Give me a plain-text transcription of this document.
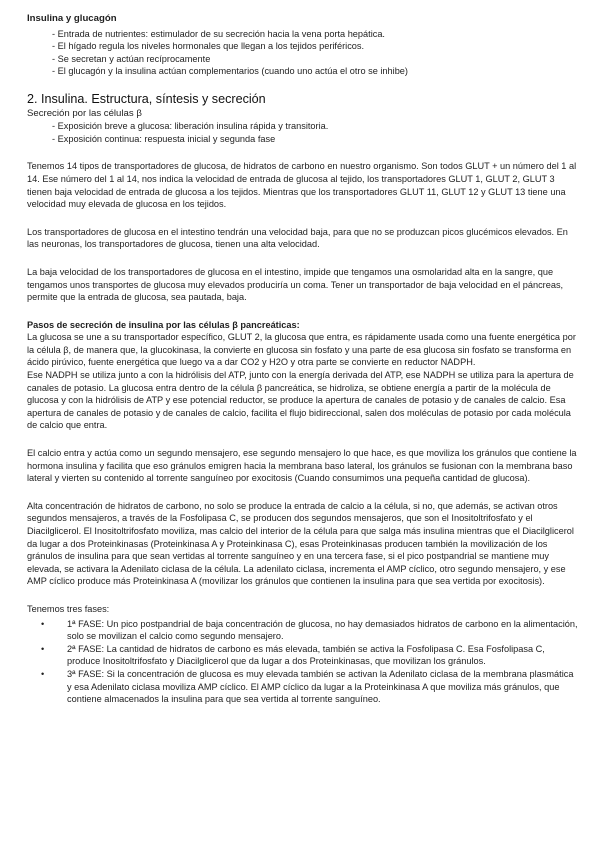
Insulina y glucagón
- Entrada de nutrientes: estimulador de su secreción hacia la vena porta hepática.
- El hígado regula los niveles hormonales que llegan a los tejidos periféricos.
- Se secretan y actúan recíprocamente
- El glucagón y la insulina actúan complementarios (cuando uno actúa el otro se inhibe)
2. Insulina. Estructura, síntesis y secreción
Secreción por las células β
- Exposición breve a glucosa: liberación insulina rápida y transitoria.
- Exposición continua: respuesta inicial y segunda fase
Tenemos 14 tipos de transportadores de glucosa, de hidratos de carbono en nuestro organismo. Son todos GLUT + un número del 1 al 14. Ese número del 1 al 14, nos indica la velocidad de entrada de glucosa al tejido, los transportadores GLUT 1, GLUT 2, GLUT 3 tienen baja velocidad de entrada de glucosa a los tejidos. Mientras que los transportadores GLUT 11, GLUT 12 y GLUT 13 tiene una velocidad muy elevada de glucosa en los tejidos.
Los transportadores de glucosa en el intestino tendrán una velocidad baja, para que no se produzcan picos glucémicos elevados. En las neuronas, los transportadores de glucosa, tienen una alta velocidad.
La baja velocidad de los transportadores de glucosa en el intestino, impide que tengamos una osmolaridad alta en la sangre, que tengamos unos transportes de glucosa muy elevados produciría un coma. Tener un transportador de baja velocidad en el páncreas, permite que la entrada de glucosa, sea pautada, baja.
Pasos de secreción de insulina por las células β pancreáticas:
La glucosa se une a su transportador específico, GLUT 2, la glucosa que entra, es rápidamente usada como una fuente energética por la célula β, de manera que, la glucokinasa, la convierte en glucosa sin fosfato y una parte de esa glucosa sin fosfato se transforma en ácido pirúvico, fuente energética que luego va a dar CO2 y H2O y otra parte se convierte en reductor NADPH.
Ese NADPH se utiliza junto a con la hidrólisis del ATP, junto con la energía derivada del ATP, ese NADPH se utiliza para la apertura de canales de potasio. La glucosa entra dentro de la célula β pancreática, se hidroliza, se obtiene energía a partir de la molécula de glucosa y con la hidrólisis de ATP y ese potencial reductor, se produce la apertura de canales de potasio y de canales de calcio. Esa apertura de canales de potasio y de canales de calcio, facilita el flujo bidireccional, salen dos moléculas de potasio por cada molécula de calcio que entra.
El calcio entra y actúa como un segundo mensajero, ese segundo mensajero lo que hace, es que moviliza los gránulos que contiene la hormona insulina y facilita que eso gránulos emigren hacia la membrana baso lateral, los gránulos se fusionan con la membrana baso lateral y vierten su contenido al torrente sanguíneo por exocitosis (Cuando consumimos una pequeña cantidad de glucosa).
Alta concentración de hidratos de carbono, no solo se produce la entrada de calcio a la célula, si no, que además, se activan otros segundos mensajeros, a través de la Fosfolipasa C, se producen dos segundos mensajeros, que son el Inositoltrifosfato y el Diacilglicerol. El Inositoltrifosfato moviliza, mas calcio del interior de la célula para que salga más insulina mientras que el Diacilglicerol da lugar a dos Proteinkinasas (Proteinkinasa A y Proteinkinasa C), esas Proteinkinasas producen también la movilización de los gránulos de insulina para que sean vertidas al torrente sanguíneo y en una tercera fase, si el pico postpandrial se mantiene muy elevada, se activara la Adenilato ciclasa de la célula. La adenilato ciclasa, incrementa el AMP cíclico, otro segundo mensajero, y ese AMP cíclico produce más Proteinkinasa A (movilizar los gránulos que contienen la insulina para que sea vertida por exocitosis).
Tenemos tres fases:
• 1ª FASE: Un pico postpandrial de baja concentración de glucosa, no hay demasiados hidratos de carbono en la alimentación, solo se movilizan el calcio como segundo mensajero.
• 2ª FASE: La cantidad de hidratos de carbono es más elevada, también se activa la Fosfolipasa C. Esa Fosfolipasa C, produce Inositoltrifosfato y Diacilglicerol que da lugar a dos Proteinkinasas, que movilizan los gránulos.
• 3ª FASE: Si la concentración de glucosa es muy elevada también se activan la Adenilato ciclasa de la membrana plasmática y esa Adenilato ciclasa moviliza AMP cíclico. El AMP cíclico da lugar a la Proteinkinasa A que moviliza más gránulos, que contiene almacenados la insulina para que sea vertida al torrente sanguíneo.
